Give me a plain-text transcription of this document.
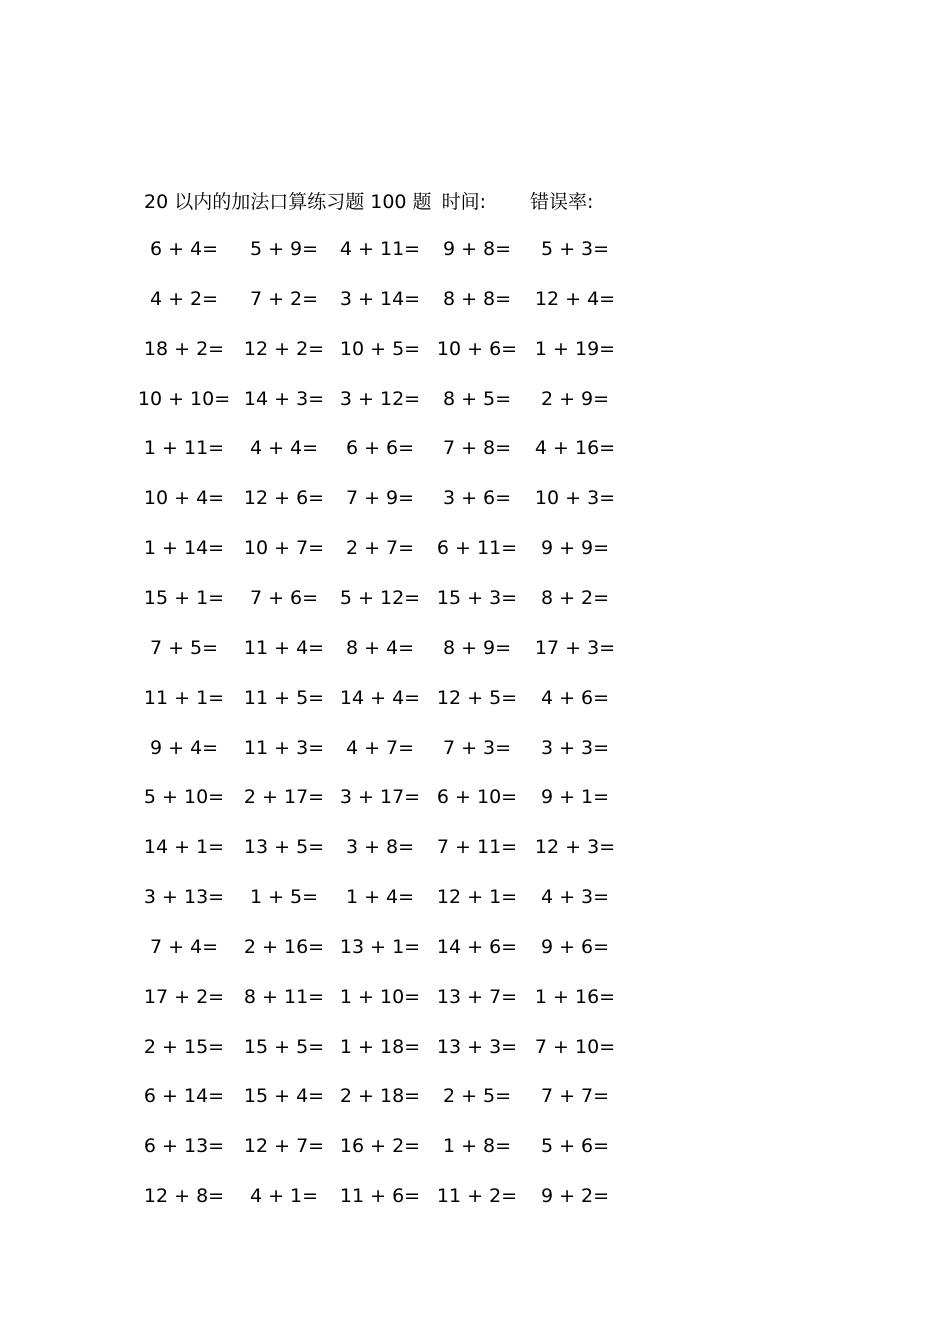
20 以内的加法口算练习题 100 题 时间: 错误率:
6 + 4= 5 + 9= 4 + 11= 9 + 8= 5 + 3=
4 + 2= 7 + 2= 3 + 14= 8 + 8= 12 + 4=
18 + 2= 12 + 2= 10 + 5= 10 + 6= 1 + 19=
10 + 10= 14 + 3= 3 + 12= 8 + 5= 2 + 9=
1 + 11= 4 + 4= 6 + 6= 7 + 8= 4 + 16=
10 + 4= 12 + 6= 7 + 9= 3 + 6= 10 + 3=
1 + 14= 10 + 7= 2 + 7= 6 + 11= 9 + 9=
15 + 1= 7 + 6= 5 + 12= 15 + 3= 8 + 2=
7 + 5= 11 + 4= 8 + 4= 8 + 9= 17 + 3=
11 + 1= 11 + 5= 14 + 4= 12 + 5= 4 + 6=
9 + 4= 11 + 3= 4 + 7= 7 + 3= 3 + 3=
5 + 10= 2 + 17= 3 + 17= 6 + 10= 9 + 1=
14 + 1= 13 + 5= 3 + 8= 7 + 11= 12 + 3=
3 + 13= 1 + 5= 1 + 4= 12 + 1= 4 + 3=
7 + 4= 2 + 16= 13 + 1= 14 + 6= 9 + 6=
17 + 2= 8 + 11= 1 + 10= 13 + 7= 1 + 16=
2 + 15= 15 + 5= 1 + 18= 13 + 3= 7 + 10=
6 + 14= 15 + 4= 2 + 18= 2 + 5= 7 + 7=
6 + 13= 12 + 7= 16 + 2= 1 + 8= 5 + 6=
12 + 8= 4 + 1= 11 + 6= 11 + 2= 9 + 2=
